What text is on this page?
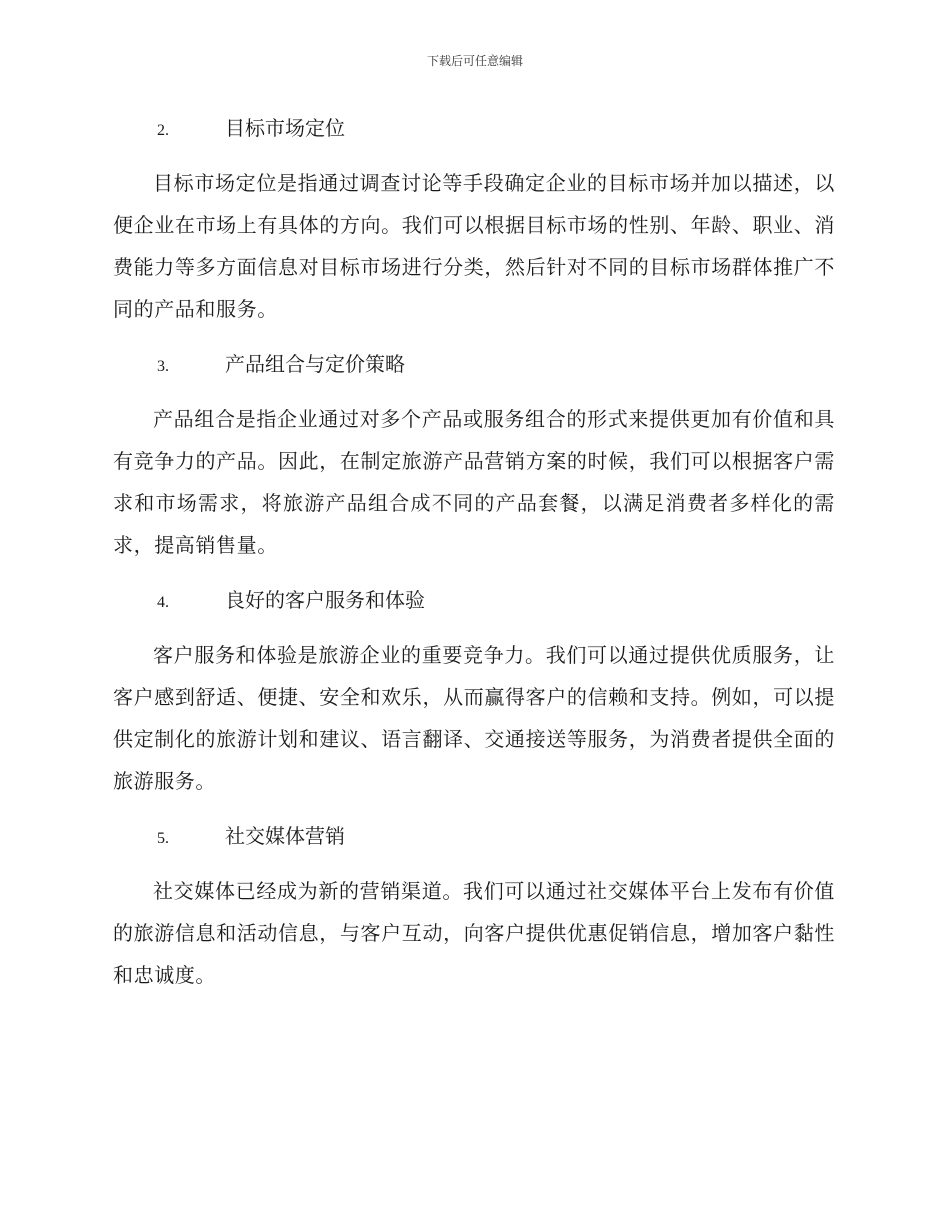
下载后可任意编辑
2.	目标市场定位

目标市场定位是指通过调查讨论等手段确定企业的目标市场并加以描述，以便企业在市场上有具体的方向。我们可以根据目标市场的性别、年龄、职业、消费能力等多方面信息对目标市场进行分类，然后针对不同的目标市场群体推广不同的产品和服务。

3.	产品组合与定价策略

产品组合是指企业通过对多个产品或服务组合的形式来提供更加有价值和具有竞争力的产品。因此，在制定旅游产品营销方案的时候，我们可以根据客户需求和市场需求，将旅游产品组合成不同的产品套餐，以满足消费者多样化的需求，提高销售量。

4.	良好的客户服务和体验

客户服务和体验是旅游企业的重要竞争力。我们可以通过提供优质服务，让客户感到舒适、便捷、安全和欢乐，从而赢得客户的信赖和支持。例如，可以提供定制化的旅游计划和建议、语言翻译、交通接送等服务，为消费者提供全面的旅游服务。

5.	社交媒体营销

社交媒体已经成为新的营销渠道。我们可以通过社交媒体平台上发布有价值的旅游信息和活动信息，与客户互动，向客户提供优惠促销信息，增加客户黏性和忠诚度。
